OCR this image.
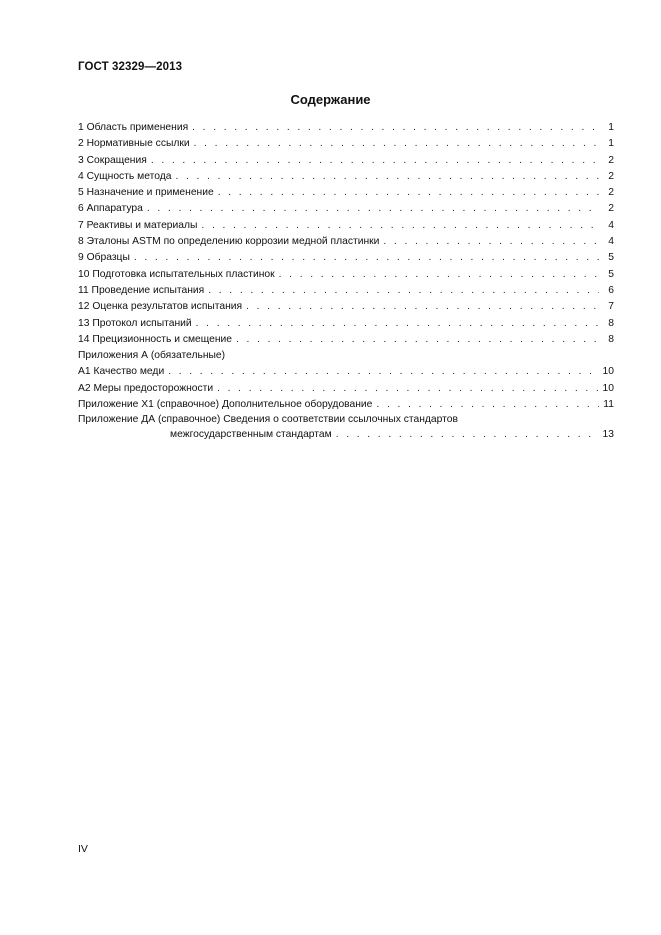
ГОСТ 32329—2013
Содержание
1 Область применения . . .	1
2 Нормативные ссылки . . .	1
3 Сокращения . . .	2
4 Сущность метода . . .	2
5 Назначение и применение . . .	2
6 Аппаратура . . .	2
7 Реактивы и материалы . . .	4
8 Эталоны ASTM по определению коррозии медной пластинки . . .	4
9 Образцы . . .	5
10 Подготовка испытательных пластинок . . .	5
11 Проведение испытания . . .	6
12 Оценка результатов испытания . . .	7
13 Протокол испытаний . . .	8
14 Прецизионность и смещение . . .	8
Приложения А (обязательные)
А1 Качество меди . . .	10
А2 Меры предосторожности . . .	10
Приложение Х1 (справочное) Дополнительное оборудование . . .	11
Приложение ДА (справочное) Сведения о соответствии ссылочных стандартов
межгосударственным стандартам . . .	13
IV
